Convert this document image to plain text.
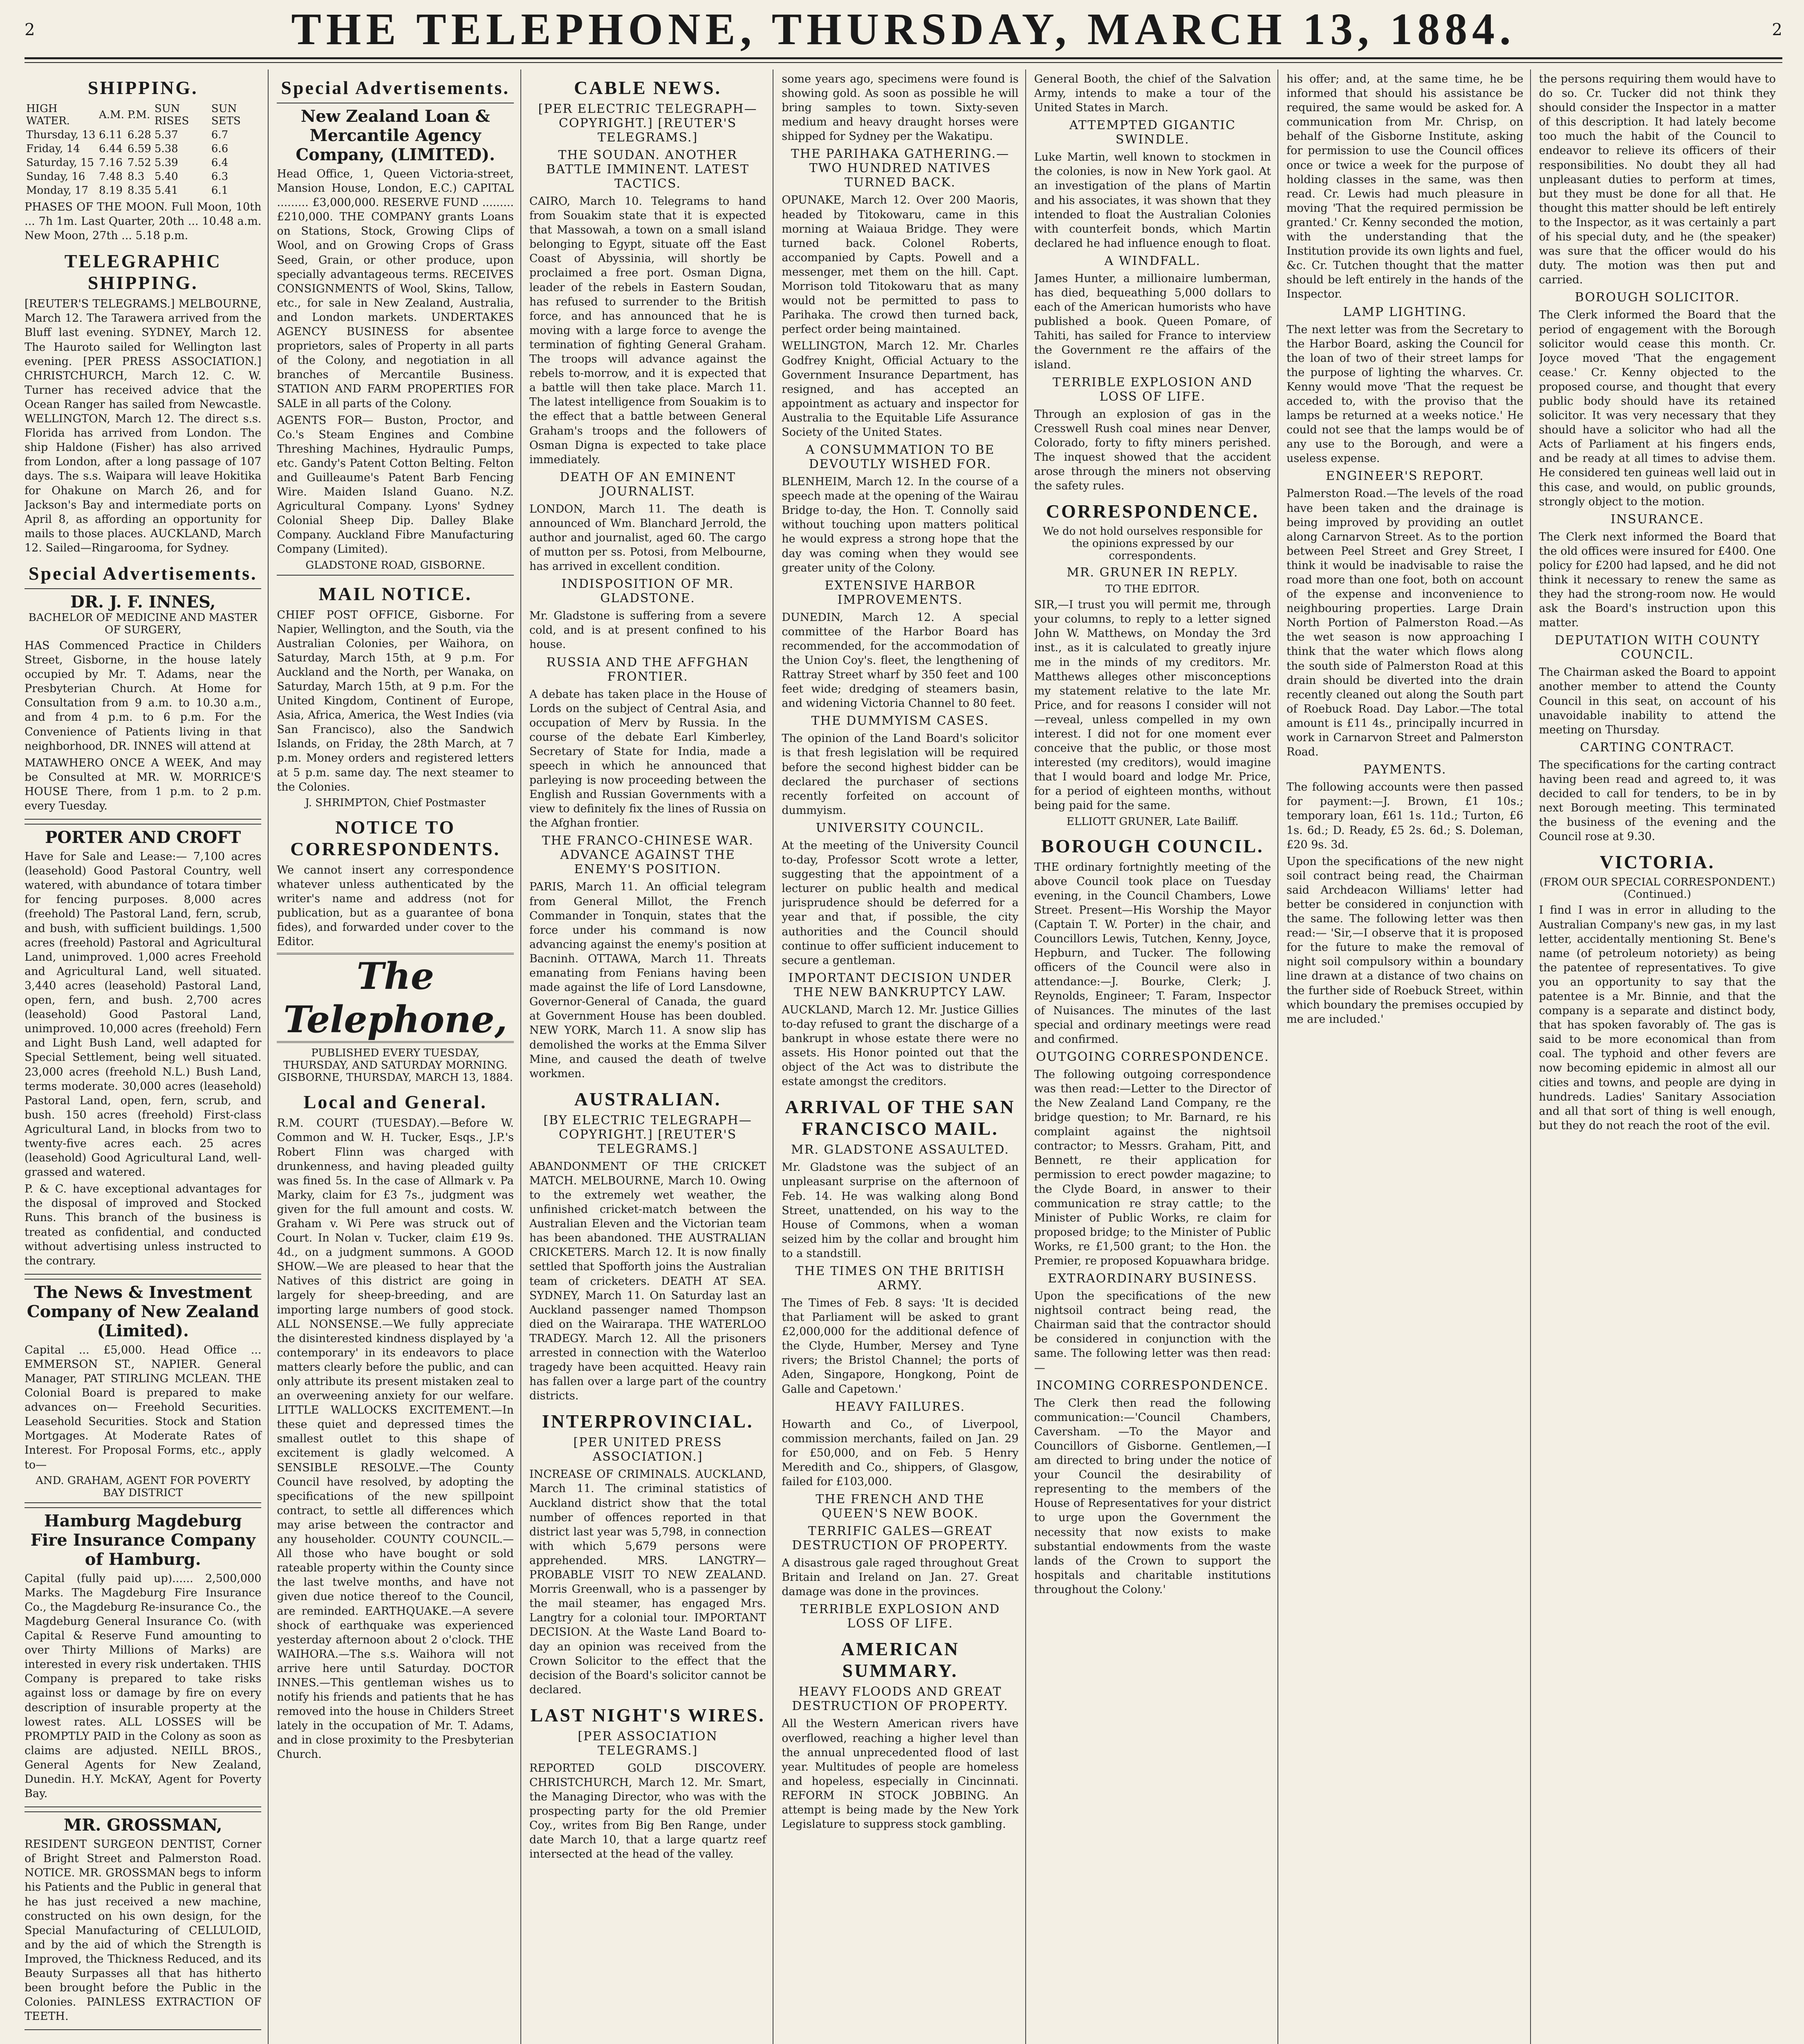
2	THE TELEPHONE, THURSDAY, MARCH 13, 1884.	2
SHIPPING.
HIGH WATER.	A.M.	P.M.	SUN RISES	SUN SETS
Thursday, 13	6.11	6.28	5.37	6.7
Friday, 14	6.44	6.59	5.38	6.6
Saturday, 15	7.16	7.52	5.39	6.4
Sunday, 16	7.48	8.3	5.40	6.3
Monday, 17	8.19	8.35	5.41	6.1

PHASES OF THE MOON. Full Moon, 10th ... 7h 1m. Last Quarter, 20th ... 10.48 a.m. New Moon, 27th ... 5.18 p.m.

TELEGRAPHIC SHIPPING.

[REUTER'S TELEGRAMS.] MELBOURNE, March 12. The Tarawera arrived from the Bluff last evening. SYDNEY, March 12. The Hauroto sailed for Wellington last evening. [PER PRESS ASSOCIATION.] CHRISTCHURCH, March 12. C. W. Turner has received advice that the Ocean Ranger has sailed from Newcastle. WELLINGTON, March 12. The direct s.s. Florida has arrived from London. The ship Haldone (Fisher) has also arrived from London, after a long passage of 107 days. The s.s. Waipara will leave Hokitika for Ohakune on March 26, and for Jackson's Bay and intermediate ports on April 8, as affording an opportunity for mails to those places. AUCKLAND, March 12. Sailed—Ringarooma, for Sydney.

Special Advertisements.
DR. J. F. INNES,
BACHELOR OF MEDICINE AND MASTER OF SURGERY,

HAS Commenced Practice in Childers Street, Gisborne, in the house lately occupied by Mr. T. Adams, near the Presbyterian Church. At Home for Consultation from 9 a.m. to 10.30 a.m., and from 4 p.m. to 6 p.m. For the Convenience of Patients living in that neighborhood, DR. INNES will attend at

MATAWHERO ONCE A WEEK, And may be Consulted at MR. W. MORRICE'S HOUSE There, from 1 p.m. to 2 p.m. every Tuesday.

PORTER AND CROFT

Have for Sale and Lease:— 7,100 acres (leasehold) Good Pastoral Country, well watered, with abundance of totara timber for fencing purposes. 8,000 acres (freehold) The Pastoral Land, fern, scrub, and bush, with sufficient buildings. 1,500 acres (freehold) Pastoral and Agricultural Land, unimproved. 1,000 acres Freehold and Agricultural Land, well situated. 3,440 acres (leasehold) Pastoral Land, open, fern, and bush. 2,700 acres (leasehold) Good Pastoral Land, unimproved. 10,000 acres (freehold) Fern and Light Bush Land, well adapted for Special Settlement, being well situated. 23,000 acres (freehold N.L.) Bush Land, terms moderate. 30,000 acres (leasehold) Pastoral Land, open, fern, scrub, and bush. 150 acres (freehold) First-class Agricultural Land, in blocks from two to twenty-five acres each. 25 acres (leasehold) Good Agricultural Land, well-grassed and watered.

P. & C. have exceptional advantages for the disposal of improved and Stocked Runs. This branch of the business is treated as confidential, and conducted without advertising unless instructed to the contrary.

The News & Investment Company of New Zealand (Limited).

Capital ... £5,000. Head Office ... EMMERSON ST., NAPIER. General Manager, PAT STIRLING MCLEAN. THE Colonial Board is prepared to make advances on— Freehold Securities. Leasehold Securities. Stock and Station Mortgages. At Moderate Rates of Interest. For Proposal Forms, etc., apply to—

AND. GRAHAM, AGENT FOR POVERTY BAY DISTRICT
Hamburg Magdeburg Fire Insurance Company of Hamburg.

Capital (fully paid up)...... 2,500,000 Marks. The Magdeburg Fire Insurance Co., the Magdeburg Re-insurance Co., the Magdeburg General Insurance Co. (with Capital & Reserve Fund amounting to over Thirty Millions of Marks) are interested in every risk undertaken. THIS Company is prepared to take risks against loss or damage by fire on every description of insurable property at the lowest rates. ALL LOSSES will be PROMPTLY PAID in the Colony as soon as claims are adjusted. NEILL BROS., General Agents for New Zealand, Dunedin. H.Y. McKAY, Agent for Poverty Bay.

MR. GROSSMAN,

RESIDENT SURGEON DENTIST, Corner of Bright Street and Palmerston Road. NOTICE. MR. GROSSMAN begs to inform his Patients and the Public in general that he has just received a new machine, constructed on his own design, for the Special Manufacturing of CELLULOID, and by the aid of which the Strength is Improved, the Thickness Reduced, and its Beauty Surpasses all that has hitherto been brought before the Public in the Colonies. PAINLESS EXTRACTION OF TEETH.

Special Advertisements.
New Zealand Loan & Mercantile Agency Company, (LIMITED).

Head Office, 1, Queen Victoria-street, Mansion House, London, E.C.) CAPITAL ......... £3,000,000. RESERVE FUND ......... £210,000. THE COMPANY grants Loans on Stations, Stock, Growing Clips of Wool, and on Growing Crops of Grass Seed, Grain, or other produce, upon specially advantageous terms. RECEIVES CONSIGNMENTS of Wool, Skins, Tallow, etc., for sale in New Zealand, Australia, and London markets. UNDERTAKES AGENCY BUSINESS for absentee proprietors, sales of Property in all parts of the Colony, and negotiation in all branches of Mercantile Business. STATION AND FARM PROPERTIES FOR SALE in all parts of the Colony.

AGENTS FOR— Buston, Proctor, and Co.'s Steam Engines and Combine Threshing Machines, Hydraulic Pumps, etc. Gandy's Patent Cotton Belting. Felton and Guilleaume's Patent Barb Fencing Wire. Maiden Island Guano. N.Z. Agricultural Company. Lyons' Sydney Colonial Sheep Dip. Dalley Blake Company. Auckland Fibre Manufacturing Company (Limited).

GLADSTONE ROAD, GISBORNE.
MAIL NOTICE.

CHIEF POST OFFICE, Gisborne. For Napier, Wellington, and the South, via the Australian Colonies, per Waihora, on Saturday, March 15th, at 9 p.m. For Auckland and the North, per Wanaka, on Saturday, March 15th, at 9 p.m. For the United Kingdom, Continent of Europe, Asia, Africa, America, the West Indies (via San Francisco), also the Sandwich Islands, on Friday, the 28th March, at 7 p.m. Money orders and registered letters at 5 p.m. same day. The next steamer to the Colonies.

J. SHRIMPTON, Chief Postmaster
NOTICE TO CORRESPONDENTS.

We cannot insert any correspondence whatever unless authenticated by the writer's name and address (not for publication, but as a guarantee of bona fides), and forwarded under cover to the Editor.

The Telephone,
PUBLISHED EVERY TUESDAY, THURSDAY, AND SATURDAY MORNING.
GISBORNE, THURSDAY, MARCH 13, 1884.
Local and General.

R.M. COURT (TUESDAY).—Before W. Common and W. H. Tucker, Esqs., J.P.'s Robert Flinn was charged with drunkenness, and having pleaded guilty was fined 5s. In the case of Allmark v. Pa Marky, claim for £3 7s., judgment was given for the full amount and costs. W. Graham v. Wi Pere was struck out of Court. In Nolan v. Tucker, claim £19 9s. 4d., on a judgment summons. A GOOD SHOW.—We are pleased to hear that the Natives of this district are going in largely for sheep-breeding, and are importing large numbers of good stock. ALL NONSENSE.—We fully appreciate the disinterested kindness displayed by 'a contemporary' in its endeavors to place matters clearly before the public, and can only attribute its present mistaken zeal to an overweening anxiety for our welfare. LITTLE WALLOCKS EXCITEMENT.—In these quiet and depressed times the smallest outlet to this shape of excitement is gladly welcomed. A SENSIBLE RESOLVE.—The County Council have resolved, by adopting the specifications of the new spillpoint contract, to settle all differences which may arise between the contractor and any householder. COUNTY COUNCIL.—All those who have bought or sold rateable property within the County since the last twelve months, and have not given due notice thereof to the Council, are reminded. EARTHQUAKE.—A severe shock of earthquake was experienced yesterday afternoon about 2 o'clock. THE WAIHORA.—The s.s. Waihora will not arrive here until Saturday. DOCTOR INNES.—This gentleman wishes us to notify his friends and patients that he has removed into the house in Childers Street lately in the occupation of Mr. T. Adams, and in close proximity to the Presbyterian Church.

CABLE NEWS.
[PER ELECTRIC TELEGRAPH—COPYRIGHT.] [REUTER'S TELEGRAMS.]
THE SOUDAN. ANOTHER BATTLE IMMINENT. LATEST TACTICS.

CAIRO, March 10. Telegrams to hand from Souakim state that it is expected that Massowah, a town on a small island belonging to Egypt, situate off the East Coast of Abyssinia, will shortly be proclaimed a free port. Osman Digna, leader of the rebels in Eastern Soudan, has refused to surrender to the British force, and has announced that he is moving with a large force to avenge the termination of fighting General Graham. The troops will advance against the rebels to-morrow, and it is expected that a battle will then take place. March 11. The latest intelligence from Souakim is to the effect that a battle between General Graham's troops and the followers of Osman Digna is expected to take place immediately.

DEATH OF AN EMINENT JOURNALIST.

LONDON, March 11. The death is announced of Wm. Blanchard Jerrold, the author and journalist, aged 60. The cargo of mutton per ss. Potosi, from Melbourne, has arrived in excellent condition.

INDISPOSITION OF MR. GLADSTONE.

Mr. Gladstone is suffering from a severe cold, and is at present confined to his house.

RUSSIA AND THE AFFGHAN FRONTIER.

A debate has taken place in the House of Lords on the subject of Central Asia, and occupation of Merv by Russia. In the course of the debate Earl Kimberley, Secretary of State for India, made a speech in which he announced that parleying is now proceeding between the English and Russian Governments with a view to definitely fix the lines of Russia on the Afghan frontier.

THE FRANCO-CHINESE WAR. ADVANCE AGAINST THE ENEMY'S POSITION.

PARIS, March 11. An official telegram from General Millot, the French Commander in Tonquin, states that the force under his command is now advancing against the enemy's position at Bacninh. OTTAWA, March 11. Threats emanating from Fenians having been made against the life of Lord Lansdowne, Governor-General of Canada, the guard at Government House has been doubled. NEW YORK, March 11. A snow slip has demolished the works at the Emma Silver Mine, and caused the death of twelve workmen.

AUSTRALIAN.
[BY ELECTRIC TELEGRAPH—COPYRIGHT.] [REUTER'S TELEGRAMS.]

ABANDONMENT OF THE CRICKET MATCH. MELBOURNE, March 10. Owing to the extremely wet weather, the unfinished cricket-match between the Australian Eleven and the Victorian team has been abandoned. THE AUSTRALIAN CRICKETERS. March 12. It is now finally settled that Spofforth joins the Australian team of cricketers. DEATH AT SEA. SYDNEY, March 11. On Saturday last an Auckland passenger named Thompson died on the Wairarapa. THE WATERLOO TRADEGY. March 12. All the prisoners arrested in connection with the Waterloo tragedy have been acquitted. Heavy rain has fallen over a large part of the country districts.

INTERPROVINCIAL.
[PER UNITED PRESS ASSOCIATION.]

INCREASE OF CRIMINALS. AUCKLAND, March 11. The criminal statistics of Auckland district show that the total number of offences reported in that district last year was 5,798, in connection with which 5,679 persons were apprehended. MRS. LANGTRY—PROBABLE VISIT TO NEW ZEALAND. Morris Greenwall, who is a passenger by the mail steamer, has engaged Mrs. Langtry for a colonial tour. IMPORTANT DECISION. At the Waste Land Board to-day an opinion was received from the Crown Solicitor to the effect that the decision of the Board's solicitor cannot be declared.

LAST NIGHT'S WIRES.
[PER ASSOCIATION TELEGRAMS.]

REPORTED GOLD DISCOVERY. CHRISTCHURCH, March 12. Mr. Smart, the Managing Director, who was with the prospecting party for the old Premier Coy., writes from Big Ben Range, under date March 10, that a large quartz reef intersected at the head of the valley.

some years ago, specimens were found is showing gold. As soon as possible he will bring samples to town. Sixty-seven medium and heavy draught horses were shipped for Sydney per the Wakatipu.

THE PARIHAKA GATHERING.—TWO HUNDRED NATIVES TURNED BACK.

OPUNAKE, March 12. Over 200 Maoris, headed by Titokowaru, came in this morning at Waiaua Bridge. They were turned back. Colonel Roberts, accompanied by Capts. Powell and a messenger, met them on the hill. Capt. Morrison told Titokowaru that as many would not be permitted to pass to Parihaka. The crowd then turned back, perfect order being maintained.

WELLINGTON, March 12. Mr. Charles Godfrey Knight, Official Actuary to the Government Insurance Department, has resigned, and has accepted an appointment as actuary and inspector for Australia to the Equitable Life Assurance Society of the United States.

A CONSUMMATION TO BE DEVOUTLY WISHED FOR.

BLENHEIM, March 12. In the course of a speech made at the opening of the Wairau Bridge to-day, the Hon. T. Connolly said without touching upon matters political he would express a strong hope that the day was coming when they would see greater unity of the Colony.

EXTENSIVE HARBOR IMPROVEMENTS.

DUNEDIN, March 12. A special committee of the Harbor Board has recommended, for the accommodation of the Union Coy's. fleet, the lengthening of Rattray Street wharf by 350 feet and 100 feet wide; dredging of steamers basin, and widening Victoria Channel to 80 feet.

THE DUMMYISM CASES.

The opinion of the Land Board's solicitor is that fresh legislation will be required before the second highest bidder can be declared the purchaser of sections recently forfeited on account of dummyism.

UNIVERSITY COUNCIL.

At the meeting of the University Council to-day, Professor Scott wrote a letter, suggesting that the appointment of a lecturer on public health and medical jurisprudence should be deferred for a year and that, if possible, the city authorities and the Council should continue to offer sufficient inducement to secure a gentleman.

IMPORTANT DECISION UNDER THE NEW BANKRUPTCY LAW.

AUCKLAND, March 12. Mr. Justice Gillies to-day refused to grant the discharge of a bankrupt in whose estate there were no assets. His Honor pointed out that the object of the Act was to distribute the estate amongst the creditors.

ARRIVAL OF THE SAN FRANCISCO MAIL.
MR. GLADSTONE ASSAULTED.

Mr. Gladstone was the subject of an unpleasant surprise on the afternoon of Feb. 14. He was walking along Bond Street, unattended, on his way to the House of Commons, when a woman seized him by the collar and brought him to a standstill.

THE TIMES ON THE BRITISH ARMY.

The Times of Feb. 8 says: 'It is decided that Parliament will be asked to grant £2,000,000 for the additional defence of the Clyde, Humber, Mersey and Tyne rivers; the Bristol Channel; the ports of Aden, Singapore, Hongkong, Point de Galle and Capetown.'

HEAVY FAILURES.

Howarth and Co., of Liverpool, commission merchants, failed on Jan. 29 for £50,000, and on Feb. 5 Henry Meredith and Co., shippers, of Glasgow, failed for £103,000.

THE FRENCH AND THE QUEEN'S NEW BOOK.
TERRIFIC GALES—GREAT DESTRUCTION OF PROPERTY.

A disastrous gale raged throughout Great Britain and Ireland on Jan. 27. Great damage was done in the provinces.

TERRIBLE EXPLOSION AND LOSS OF LIFE.
AMERICAN SUMMARY.
HEAVY FLOODS AND GREAT DESTRUCTION OF PROPERTY.

All the Western American rivers have overflowed, reaching a higher level than the annual unprecedented flood of last year. Multitudes of people are homeless and hopeless, especially in Cincinnati. REFORM IN STOCK JOBBING. An attempt is being made by the New York Legislature to suppress stock gambling.

General Booth, the chief of the Salvation Army, intends to make a tour of the United States in March.

ATTEMPTED GIGANTIC SWINDLE.

Luke Martin, well known to stockmen in the colonies, is now in New York gaol. At an investigation of the plans of Martin and his associates, it was shown that they intended to float the Australian Colonies with counterfeit bonds, which Martin declared he had influence enough to float.

A WINDFALL.

James Hunter, a millionaire lumberman, has died, bequeathing 5,000 dollars to each of the American humorists who have published a book. Queen Pomare, of Tahiti, has sailed for France to interview the Government re the affairs of the island.

TERRIBLE EXPLOSION AND LOSS OF LIFE.

Through an explosion of gas in the Cresswell Rush coal mines near Denver, Colorado, forty to fifty miners perished. The inquest showed that the accident arose through the miners not observing the safety rules.

CORRESPONDENCE.
We do not hold ourselves responsible for the opinions expressed by our correspondents.
MR. GRUNER IN REPLY.
TO THE EDITOR.

SIR,—I trust you will permit me, through your columns, to reply to a letter signed John W. Matthews, on Monday the 3rd inst., as it is calculated to greatly injure me in the minds of my creditors. Mr. Matthews alleges other misconceptions my statement relative to the late Mr. Price, and for reasons I consider will not—reveal, unless compelled in my own interest. I did not for one moment ever conceive that the public, or those most interested (my creditors), would imagine that I would board and lodge Mr. Price, for a period of eighteen months, without being paid for the same.

ELLIOTT GRUNER, Late Bailiff.
BOROUGH COUNCIL.

THE ordinary fortnightly meeting of the above Council took place on Tuesday evening, in the Council Chambers, Lowe Street. Present—His Worship the Mayor (Captain T. W. Porter) in the chair, and Councillors Lewis, Tutchen, Kenny, Joyce, Hepburn, and Tucker. The following officers of the Council were also in attendance:—J. Bourke, Clerk; J. Reynolds, Engineer; T. Faram, Inspector of Nuisances. The minutes of the last special and ordinary meetings were read and confirmed.

OUTGOING CORRESPONDENCE.

The following outgoing correspondence was then read:—Letter to the Director of the New Zealand Land Company, re the bridge question; to Mr. Barnard, re his complaint against the nightsoil contractor; to Messrs. Graham, Pitt, and Bennett, re their application for permission to erect powder magazine; to the Clyde Board, in answer to their communication re stray cattle; to the Minister of Public Works, re claim for proposed bridge; to the Minister of Public Works, re £1,500 grant; to the Hon. the Premier, re proposed Kopuawhara bridge.

EXTRAORDINARY BUSINESS.

Upon the specifications of the new nightsoil contract being read, the Chairman said that the contractor should be considered in conjunction with the same. The following letter was then read:—

INCOMING CORRESPONDENCE.

The Clerk then read the following communication:—'Council Chambers, Caversham. —To the Mayor and Councillors of Gisborne. Gentlemen,—I am directed to bring under the notice of your Council the desirability of representing to the members of the House of Representatives for your district to urge upon the Government the necessity that now exists to make substantial endowments from the waste lands of the Crown to support the hospitals and charitable institutions throughout the Colony.'

his offer; and, at the same time, he be informed that should his assistance be required, the same would be asked for. A communication from Mr. Chrisp, on behalf of the Gisborne Institute, asking for permission to use the Council offices once or twice a week for the purpose of holding classes in the same, was then read. Cr. Lewis had much pleasure in moving 'That the required permission be granted.' Cr. Kenny seconded the motion, with the understanding that the Institution provide its own lights and fuel, &c. Cr. Tutchen thought that the matter should be left entirely in the hands of the Inspector.

LAMP LIGHTING.

The next letter was from the Secretary to the Harbor Board, asking the Council for the loan of two of their street lamps for the purpose of lighting the wharves. Cr. Kenny would move 'That the request be acceded to, with the proviso that the lamps be returned at a weeks notice.' He could not see that the lamps would be of any use to the Borough, and were a useless expense.

ENGINEER'S REPORT.

Palmerston Road.—The levels of the road have been taken and the drainage is being improved by providing an outlet along Carnarvon Street. As to the portion between Peel Street and Grey Street, I think it would be inadvisable to raise the road more than one foot, both on account of the expense and inconvenience to neighbouring properties. Large Drain North Portion of Palmerston Road.—As the wet season is now approaching I think that the water which flows along the south side of Palmerston Road at this drain should be diverted into the drain recently cleaned out along the South part of Roebuck Road. Day Labor.—The total amount is £11 4s., principally incurred in work in Carnarvon Street and Palmerston Road.

PAYMENTS.

The following accounts were then passed for payment:—J. Brown, £1 10s.; temporary loan, £61 1s. 11d.; Turton, £6 1s. 6d.; D. Ready, £5 2s. 6d.; S. Doleman, £20 9s. 3d.

Upon the specifications of the new night soil contract being read, the Chairman said Archdeacon Williams' letter had better be considered in conjunction with the same. The following letter was then read:— 'Sir,—I observe that it is proposed for the future to make the removal of night soil compulsory within a boundary line drawn at a distance of two chains on the further side of Roebuck Street, within which boundary the premises occupied by me are included.'

the persons requiring them would have to do so. Cr. Tucker did not think they should consider the Inspector in a matter of this description. It had lately become too much the habit of the Council to endeavor to relieve its officers of their responsibilities. No doubt they all had unpleasant duties to perform at times, but they must be done for all that. He thought this matter should be left entirely to the Inspector, as it was certainly a part of his special duty, and he (the speaker) was sure that the officer would do his duty. The motion was then put and carried.

BOROUGH SOLICITOR.

The Clerk informed the Board that the period of engagement with the Borough solicitor would cease this month. Cr. Joyce moved 'That the engagement cease.' Cr. Kenny objected to the proposed course, and thought that every public body should have its retained solicitor. It was very necessary that they should have a solicitor who had all the Acts of Parliament at his fingers ends, and be ready at all times to advise them. He considered ten guineas well laid out in this case, and would, on public grounds, strongly object to the motion.

INSURANCE.

The Clerk next informed the Board that the old offices were insured for £400. One policy for £200 had lapsed, and he did not think it necessary to renew the same as they had the strong-room now. He would ask the Board's instruction upon this matter.

DEPUTATION WITH COUNTY COUNCIL.

The Chairman asked the Board to appoint another member to attend the County Council in this seat, on account of his unavoidable inability to attend the meeting on Thursday.

CARTING CONTRACT.

The specifications for the carting contract having been read and agreed to, it was decided to call for tenders, to be in by next Borough meeting. This terminated the business of the evening and the Council rose at 9.30.

VICTORIA.
(FROM OUR SPECIAL CORRESPONDENT.) (Continued.)

I find I was in error in alluding to the Australian Company's new gas, in my last letter, accidentally mentioning St. Bene's name (of petroleum notoriety) as being the patentee of representatives. To give you an opportunity to say that the patentee is a Mr. Binnie, and that the company is a separate and distinct body, that has spoken favorably of. The gas is said to be more economical than from coal. The typhoid and other fevers are now becoming epidemic in almost all our cities and towns, and people are dying in hundreds. Ladies' Sanitary Association and all that sort of thing is well enough, but they do not reach the root of the evil.
